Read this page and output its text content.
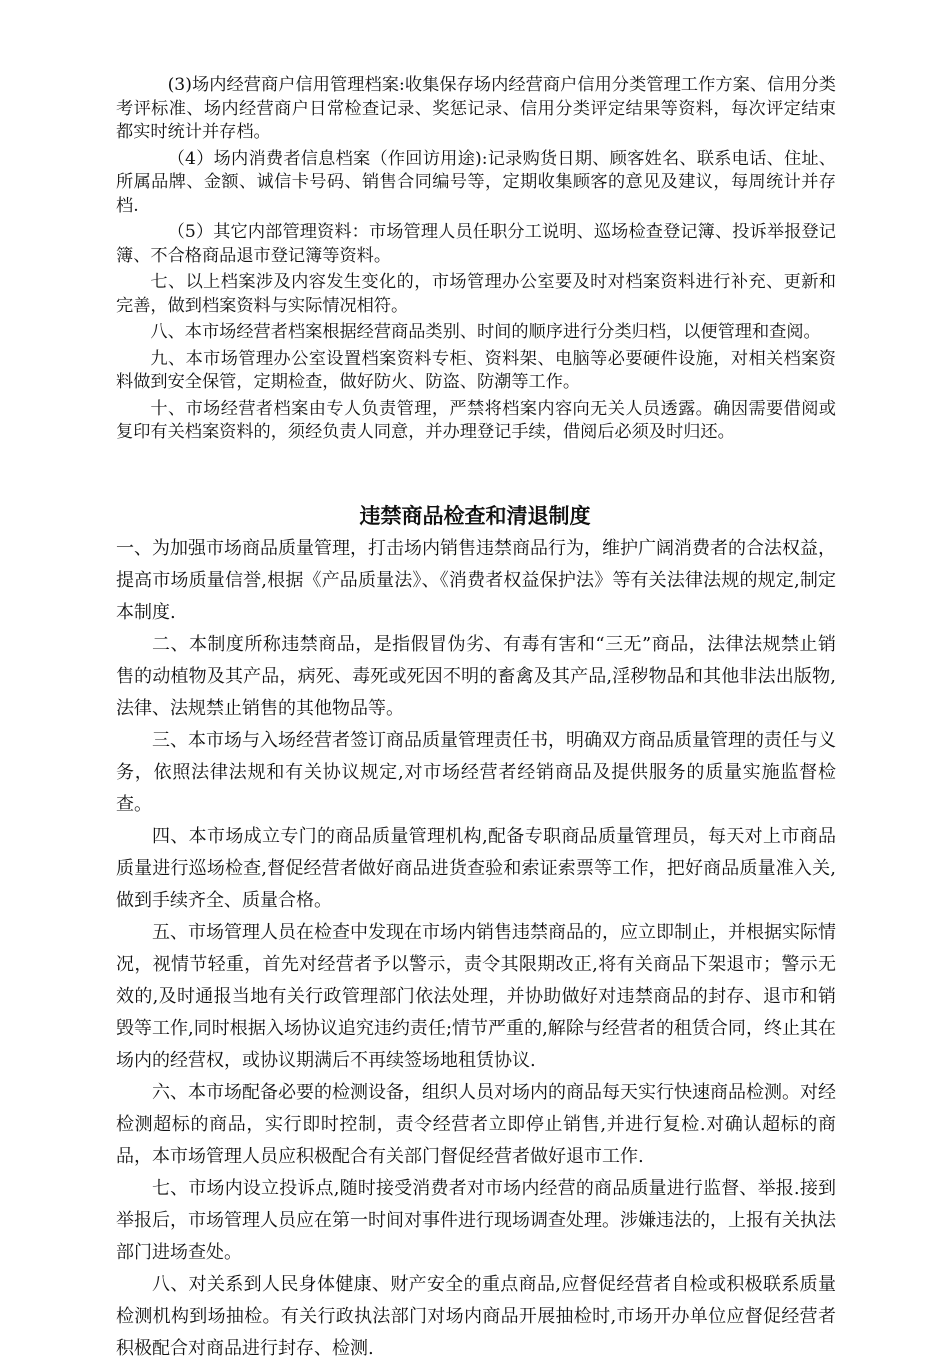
(3)场内经营商户信用管理档案:收集保存场内经营商户信用分类管理工作方案、信用分类考评标准、场内经营商户日常检查记录、奖惩记录、信用分类评定结果等资料，每次评定结束都实时统计并存档。

（4）场内消费者信息档案（作回访用途):记录购货日期、顾客姓名、联系电话、住址、所属品牌、金额、诚信卡号码、销售合同编号等，定期收集顾客的意见及建议，每周统计并存档.

（5）其它内部管理资料：市场管理人员任职分工说明、巡场检查登记簿、投诉举报登记簿、不合格商品退市登记簿等资料。

七、以上档案涉及内容发生变化的，市场管理办公室要及时对档案资料进行补充、更新和完善，做到档案资料与实际情况相符。

八、本市场经营者档案根据经营商品类别、时间的顺序进行分类归档，以便管理和查阅。

九、本市场管理办公室设置档案资料专柜、资料架、电脑等必要硬件设施，对相关档案资料做到安全保管，定期检查，做好防火、防盗、防潮等工作。

十、市场经营者档案由专人负责管理，严禁将档案内容向无关人员透露。确因需要借阅或复印有关档案资料的，须经负责人同意，并办理登记手续，借阅后必须及时归还。

违禁商品检查和清退制度

一、为加强市场商品质量管理，打击场内销售违禁商品行为，维护广阔消费者的合法权益，提高市场质量信誉,根据《产品质量法》、《消费者权益保护法》等有关法律法规的规定,制定本制度.

二、本制度所称违禁商品，是指假冒伪劣、有毒有害和“三无”商品，法律法规禁止销售的动植物及其产品，病死、毒死或死因不明的畜禽及其产品,淫秽物品和其他非法出版物,法律、法规禁止销售的其他物品等。

三、本市场与入场经营者签订商品质量管理责任书，明确双方商品质量管理的责任与义务，依照法律法规和有关协议规定,对市场经营者经销商品及提供服务的质量实施监督检查。

四、本市场成立专门的商品质量管理机构,配备专职商品质量管理员，每天对上市商品质量进行巡场检查,督促经营者做好商品进货查验和索证索票等工作，把好商品质量准入关,做到手续齐全、质量合格。

五、市场管理人员在检查中发现在市场内销售违禁商品的，应立即制止，并根据实际情况，视情节轻重，首先对经营者予以警示，责令其限期改正,将有关商品下架退市；警示无效的,及时通报当地有关行政管理部门依法处理，并协助做好对违禁商品的封存、退市和销毁等工作,同时根据入场协议追究违约责任;情节严重的,解除与经营者的租赁合同，终止其在场内的经营权，或协议期满后不再续签场地租赁协议.

六、本市场配备必要的检测设备，组织人员对场内的商品每天实行快速商品检测。对经检测超标的商品，实行即时控制，责令经营者立即停止销售,并进行复检.对确认超标的商品，本市场管理人员应积极配合有关部门督促经营者做好退市工作.

七、市场内设立投诉点,随时接受消费者对市场内经营的商品质量进行监督、举报.接到举报后，市场管理人员应在第一时间对事件进行现场调查处理。涉嫌违法的，上报有关执法部门进场查处。

八、对关系到人民身体健康、财产安全的重点商品,应督促经营者自检或积极联系质量检测机构到场抽检。有关行政执法部门对场内商品开展抽检时,市场开办单位应督促经营者积极配合对商品进行封存、检测.
